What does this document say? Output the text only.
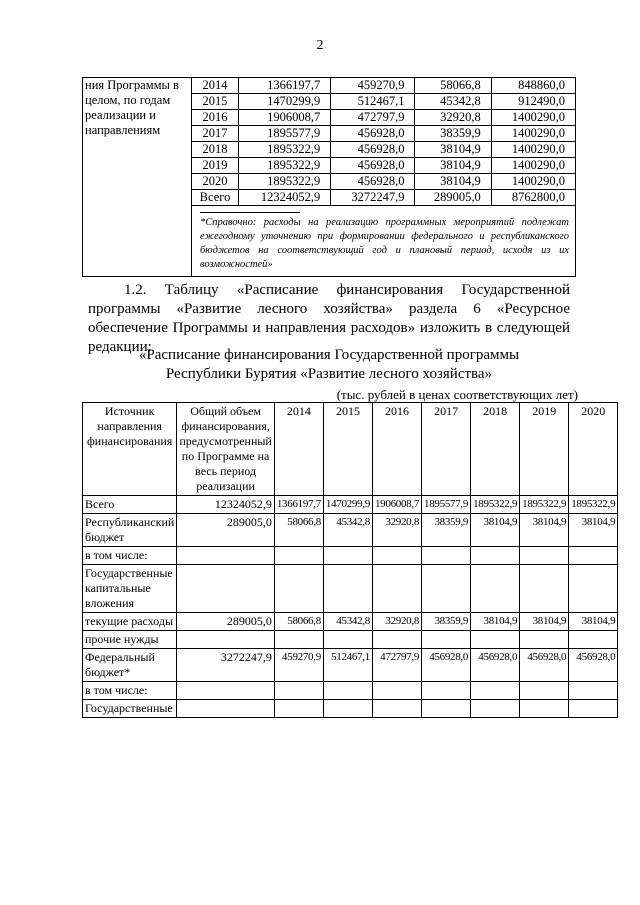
2
ния Программы в целом, по годам реализации и направлениям	2014	1366197,7	459270,9	58066,8	848860,0
	2015	1470299,9	512467,1	45342,8	912490,0
	2016	1906008,7	472797,9	32920,8	1400290,0
	2017	1895577,9	456928,0	38359,9	1400290,0
	2018	1895322,9	456928,0	38104,9	1400290,0
	2019	1895322,9	456928,0	38104,9	1400290,0
	2020	1895322,9	456928,0	38104,9	1400290,0
	Всего	12324052,9	3272247,9	289005,0	8762800,0

	*Справочно: расходы на реализацию программных мероприятий подлежат ежегодному уточнению при формировании федерального и республиканского бюджетов на соответствующий год и плановый период, исходя из их возможностей»				
1.2. Таблицу «Расписание финансирования Государственной программы «Развитие лесного хозяйства» раздела 6 «Ресурсное обеспечение Программы и направления расходов» изложить в следующей редакции:
«Расписание финансирования Государственной программы
Республики Бурятия «Развитие лесного хозяйства»
(тыс. рублей в ценах соответствующих лет)
Источник направления финансирования	Общий объем финансирования, предусмотренный по Программе на весь период реализации	2014	2015	2016	2017	2018	2019	2020
Всего	12324052,9	1366197,7	1470299,9	1906008,7	1895577,9	1895322,9	1895322,9	1895322,9
Республиканский бюджет	289005,0	58066,8	45342,8	32920,8	38359,9	38104,9	38104,9	38104,9
в том числе:								
Государственные капитальные вложения								
текущие расходы	289005,0	58066,8	45342,8	32920,8	38359,9	38104,9	38104,9	38104,9
прочие нужды								
Федеральный бюджет*	3272247,9	459270,9	512467,1	472797,9	456928,0	456928,0	456928,0	456928,0
в том числе:								
Государственные								
